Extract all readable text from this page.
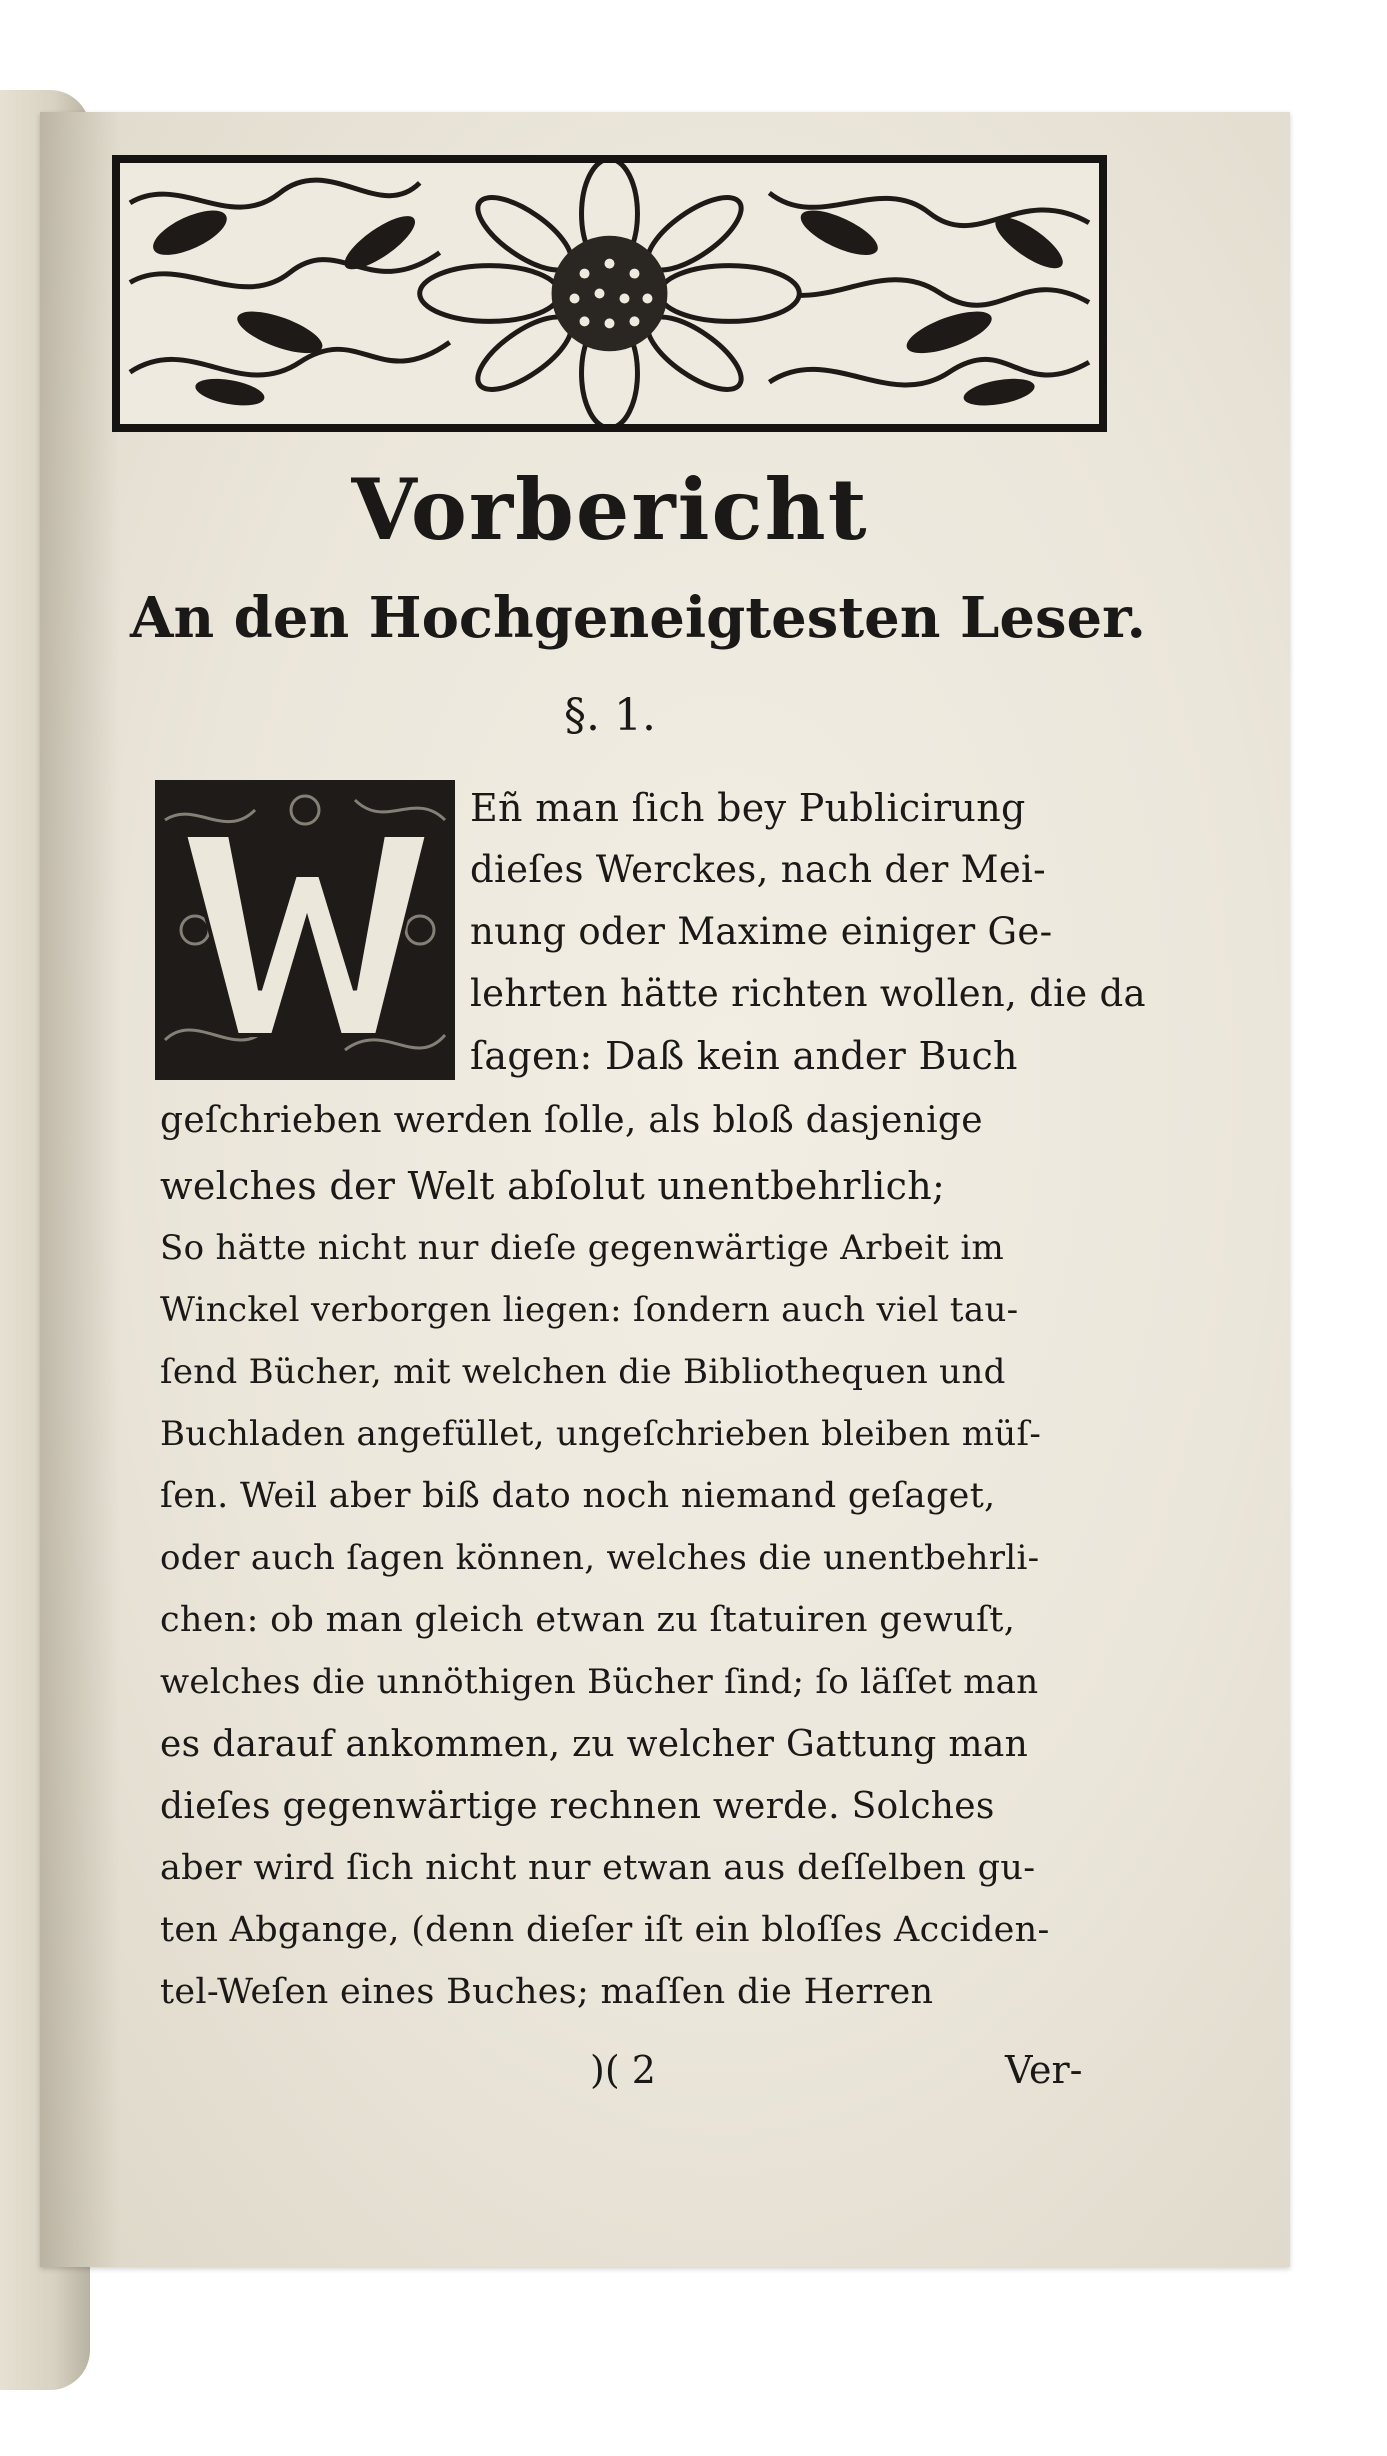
Vorbericht
An den Hochgeneigtesten Leser.
§. 1.
Eñ man ſich bey Publicirung
dieſes Werckes, nach der Mei-
nung oder Maxime einiger Ge-
lehrten hätte richten wollen, die da
ſagen: Daß kein ander Buch
geſchrieben werden ſolle, als bloß dasjenige
welches der Welt abſolut unentbehrlich;
So hätte nicht nur dieſe gegenwärtige Arbeit im
Winckel verborgen liegen: ſondern auch viel tau-
ſend Bücher, mit welchen die Bibliothequen und
Buchladen angefüllet, ungeſchrieben bleiben müſ-
ſen. Weil aber biß dato noch niemand geſaget,
oder auch ſagen können, welches die unentbehrli-
chen: ob man gleich etwan zu ſtatuiren gewuſt,
welches die unnöthigen Bücher ſind; ſo läſſet man
es darauf ankommen, zu welcher Gattung man
dieſes gegenwärtige rechnen werde. Solches
aber wird ſich nicht nur etwan aus deſſelben gu-
ten Abgange, (denn dieſer iſt ein bloſſes Acciden-
tel-Weſen eines Buches; maſſen die Herren
)( 2	Ver-
